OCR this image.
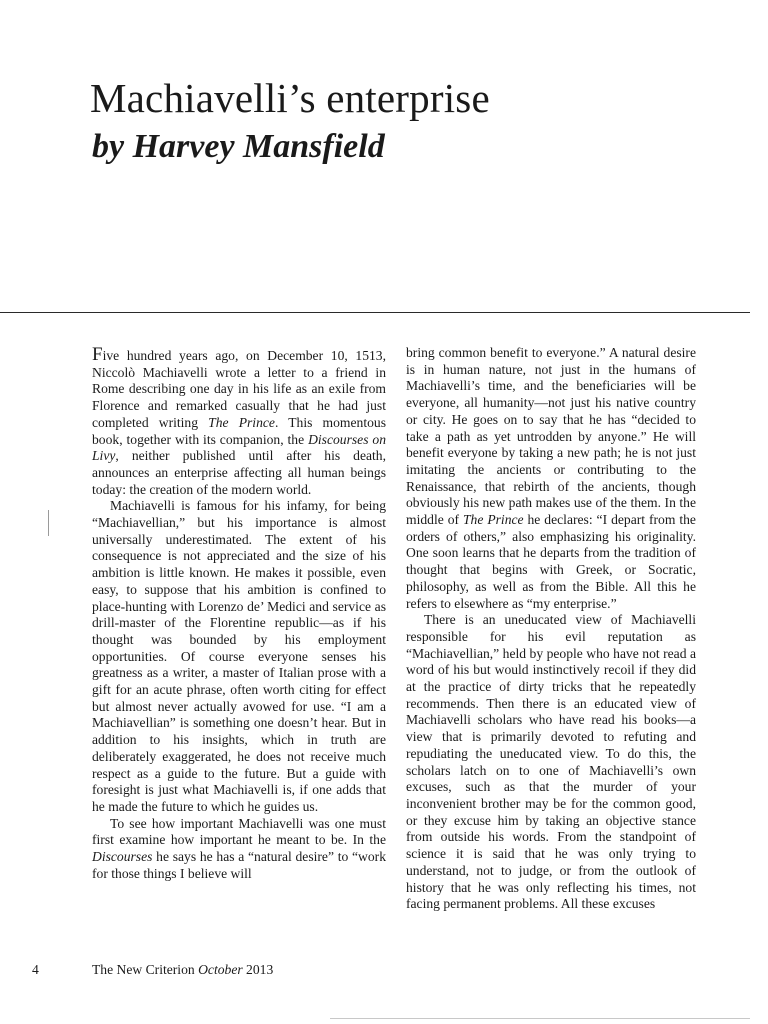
Machiavelli’s enterprise
by Harvey Mansfield

Five hundred years ago, on December 10, 1513, Niccolò Machiavelli wrote a letter to a friend in Rome describing one day in his life as an exile from Florence and remarked casually that he had just completed writing The Prince. This momentous book, together with its companion, the Discourses on Livy, neither published until after his death, announces an enterprise affecting all human beings today: the creation of the modern world.

Machiavelli is famous for his infamy, for being “Machiavellian,” but his importance is almost universally underestimated. The extent of his consequence is not appreciated and the size of his ambition is little known. He makes it possible, even easy, to suppose that his ambition is confined to place-hunting with Lorenzo de’ Medici and service as drill-master of the Florentine republic—as if his thought was bounded by his employment opportunities. Of course everyone senses his greatness as a writer, a master of Italian prose with a gift for an acute phrase, often worth citing for effect but almost never actually avowed for use. “I am a Machiavellian” is something one doesn’t hear. But in addition to his insights, which in truth are deliberately exaggerated, he does not receive much respect as a guide to the future. But a guide with foresight is just what Machiavelli is, if one adds that he made the future to which he guides us.

To see how important Machiavelli was one must first examine how important he meant to be. In the Discourses he says he has a “natural desire” to “work for those things I believe will

bring common benefit to everyone.” A natural desire is in human nature, not just in the humans of Machiavelli’s time, and the beneficiaries will be everyone, all humanity—not just his native country or city. He goes on to say that he has “decided to take a path as yet untrodden by anyone.” He will benefit everyone by taking a new path; he is not just imitating the ancients or contributing to the Renaissance, that rebirth of the ancients, though obviously his new path makes use of the them. In the middle of The Prince he declares: “I depart from the orders of others,” also emphasizing his originality. One soon learns that he departs from the tradition of thought that begins with Greek, or Socratic, philosophy, as well as from the Bible. All this he refers to elsewhere as “my enterprise.”

There is an uneducated view of Machiavelli responsible for his evil reputation as “Machiavellian,” held by people who have not read a word of his but would instinctively recoil if they did at the practice of dirty tricks that he repeatedly recommends. Then there is an educated view of Machiavelli scholars who have read his books—a view that is primarily devoted to refuting and repudiating the uneducated view. To do this, the scholars latch on to one of Machiavelli’s own excuses, such as that the murder of your inconvenient brother may be for the common good, or they excuse him by taking an objective stance from outside his words. From the standpoint of science it is said that he was only trying to understand, not to judge, or from the outlook of history that he was only reflecting his times, not facing permanent problems. All these excuses

4	The New Criterion October 2013
